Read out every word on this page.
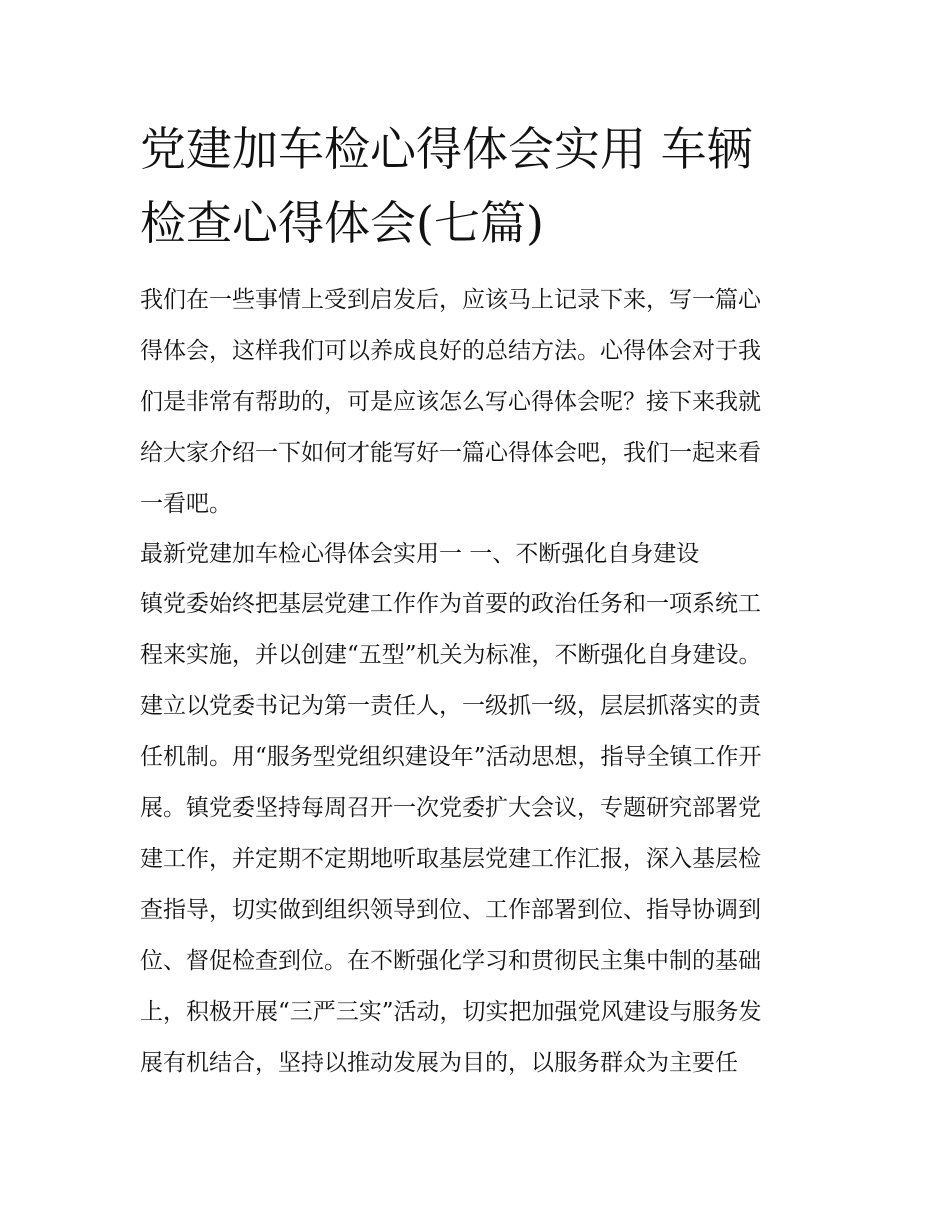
党建加车检心得体会实用 车辆
检查心得体会(七篇)
我们在一些事情上受到启发后，应该马上记录下来，写一篇心
得体会，这样我们可以养成良好的总结方法。心得体会对于我
们是非常有帮助的，可是应该怎么写心得体会呢？接下来我就
给大家介绍一下如何才能写好一篇心得体会吧，我们一起来看
一看吧。
最新党建加车检心得体会实用一 一、不断强化自身建设
镇党委始终把基层党建工作作为首要的政治任务和一项系统工
程来实施，并以创建“五型”机关为标准，不断强化自身建设。
建立以党委书记为第一责任人，一级抓一级，层层抓落实的责
任机制。用“服务型党组织建设年”活动思想，指导全镇工作开
展。镇党委坚持每周召开一次党委扩大会议，专题研究部署党
建工作，并定期不定期地听取基层党建工作汇报，深入基层检
查指导，切实做到组织领导到位、工作部署到位、指导协调到
位、督促检查到位。在不断强化学习和贯彻民主集中制的基础
上，积极开展“三严三实”活动，切实把加强党风建设与服务发
展有机结合，坚持以推动发展为目的，以服务群众为主要任
